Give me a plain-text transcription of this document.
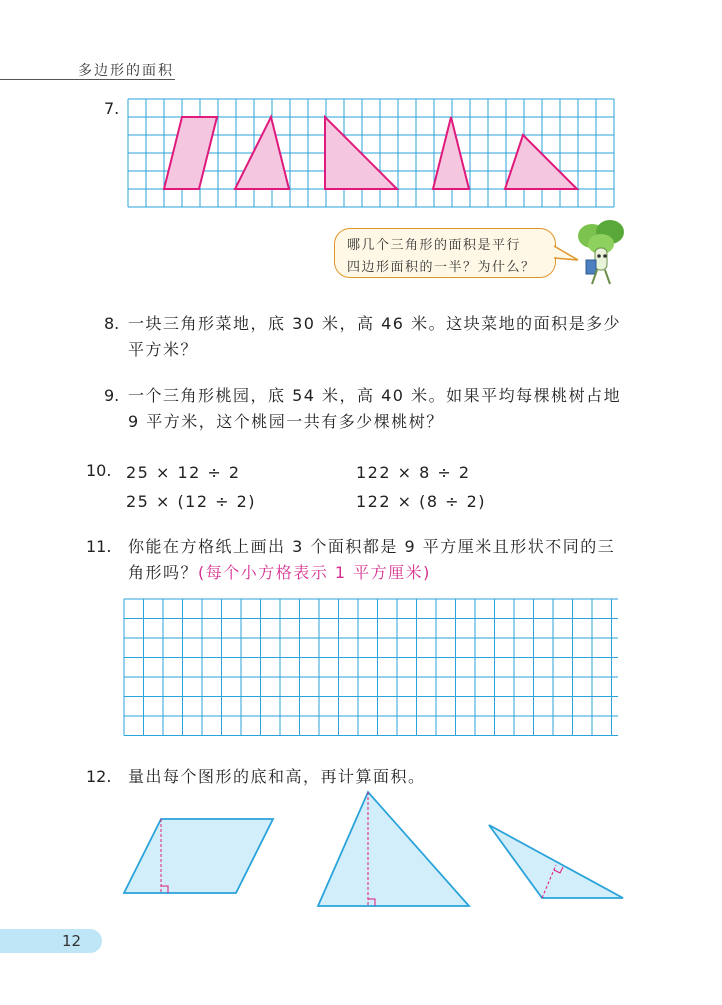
多边形的面积
7.
哪几个三角形的面积是平行
四边形面积的一半？为什么？
8. 一块三角形菜地，底 30 米，高 46 米。这块菜地的面积是多少
平方米？
9. 一个三角形桃园，底 54 米，高 40 米。如果平均每棵桃树占地
9 平方米，这个桃园一共有多少棵桃树？
10. 25 × 12 ÷ 2
25 × (12 ÷ 2)
122 × 8 ÷ 2
122 × (8 ÷ 2)
11. 你能在方格纸上画出 3 个面积都是 9 平方厘米且形状不同的三
角形吗？(每个小方格表示 1 平方厘米)
12. 量出每个图形的底和高，再计算面积。
12
